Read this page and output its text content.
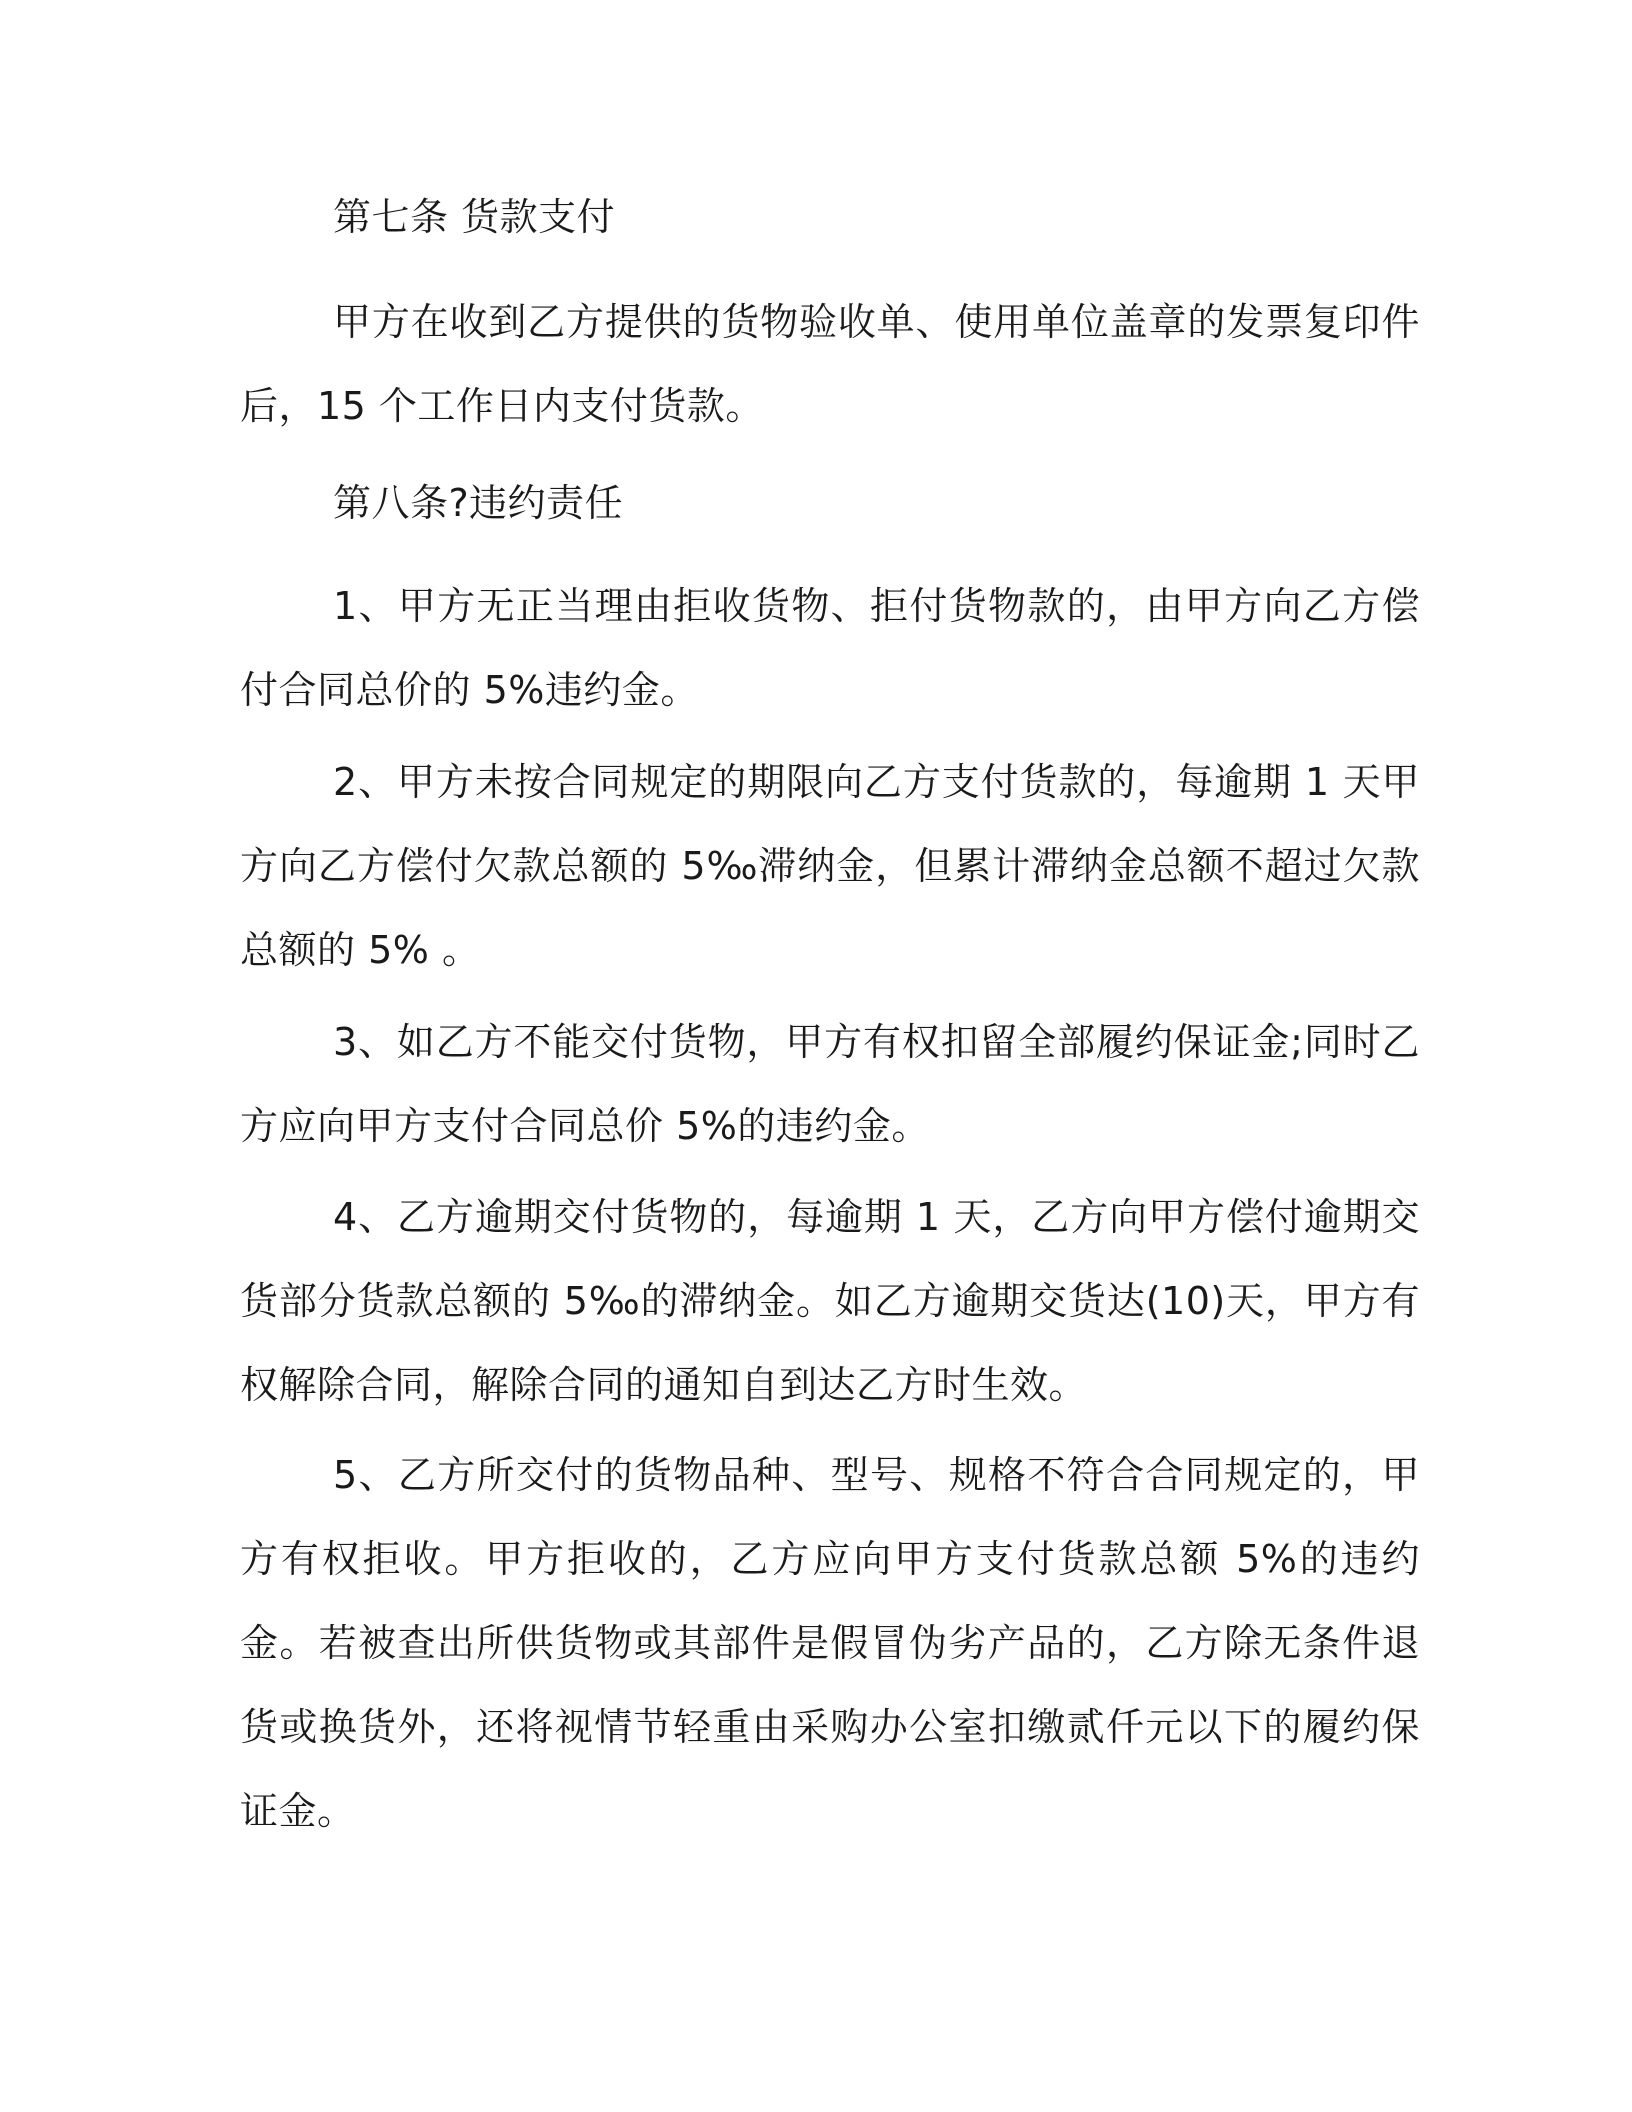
第七条 货款支付

甲方在收到乙方提供的货物验收单、使用单位盖章的发票复印件后，15 个工作日内支付货款。

第八条?违约责任

1、甲方无正当理由拒收货物、拒付货物款的，由甲方向乙方偿付合同总价的 5%违约金。

2、甲方未按合同规定的期限向乙方支付货款的，每逾期 1 天甲方向乙方偿付欠款总额的 5‰滞纳金，但累计滞纳金总额不超过欠款总额的 5% 。

3、如乙方不能交付货物，甲方有权扣留全部履约保证金;同时乙方应向甲方支付合同总价 5%的违约金。

4、乙方逾期交付货物的，每逾期 1 天，乙方向甲方偿付逾期交货部分货款总额的 5‰的滞纳金。如乙方逾期交货达(10)天，甲方有权解除合同，解除合同的通知自到达乙方时生效。

5、乙方所交付的货物品种、型号、规格不符合合同规定的，甲方有权拒收。甲方拒收的，乙方应向甲方支付货款总额 5%的违约金。若被查出所供货物或其部件是假冒伪劣产品的，乙方除无条件退货或换货外，还将视情节轻重由采购办公室扣缴贰仟元以下的履约保证金。
